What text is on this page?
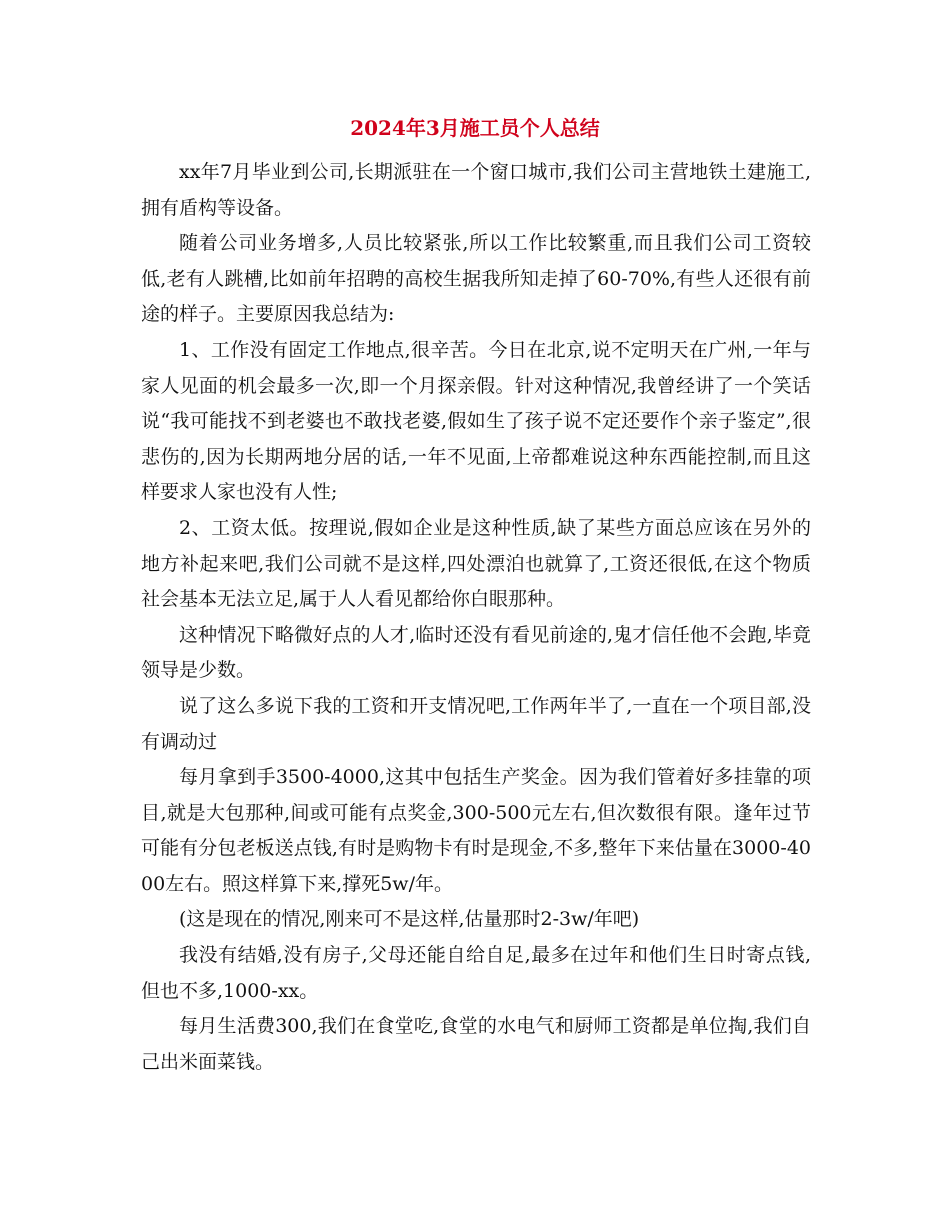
2024年3月施工员个人总结

xx年7月毕业到公司,长期派驻在一个窗口城市,我们公司主营地铁土建施工,拥有盾构等设备。

随着公司业务增多,人员比较紧张,所以工作比较繁重,而且我们公司工资较低,老有人跳槽,比如前年招聘的高校生据我所知走掉了60-70%,有些人还很有前途的样子。主要原因我总结为:

1、工作没有固定工作地点,很辛苦。今日在北京,说不定明天在广州,一年与家人见面的机会最多一次,即一个月探亲假。针对这种情况,我曾经讲了一个笑话说“我可能找不到老婆也不敢找老婆,假如生了孩子说不定还要作个亲子鉴定”,很悲伤的,因为长期两地分居的话,一年不见面,上帝都难说这种东西能控制,而且这样要求人家也没有人性;

2、工资太低。按理说,假如企业是这种性质,缺了某些方面总应该在另外的地方补起来吧,我们公司就不是这样,四处漂泊也就算了,工资还很低,在这个物质社会基本无法立足,属于人人看见都给你白眼那种。

这种情况下略微好点的人才,临时还没有看见前途的,鬼才信任他不会跑,毕竟领导是少数。

说了这么多说下我的工资和开支情况吧,工作两年半了,一直在一个项目部,没有调动过

每月拿到手3500-4000,这其中包括生产奖金。因为我们管着好多挂靠的项目,就是大包那种,间或可能有点奖金,300-500元左右,但次数很有限。逢年过节可能有分包老板送点钱,有时是购物卡有时是现金,不多,整年下来估量在3000-4000左右。照这样算下来,撑死5w/年。

(这是现在的情况,刚来可不是这样,估量那时2-3w/年吧)

我没有结婚,没有房子,父母还能自给自足,最多在过年和他们生日时寄点钱,但也不多,1000-xx。

每月生活费300,我们在食堂吃,食堂的水电气和厨师工资都是单位掏,我们自己出米面菜钱。
